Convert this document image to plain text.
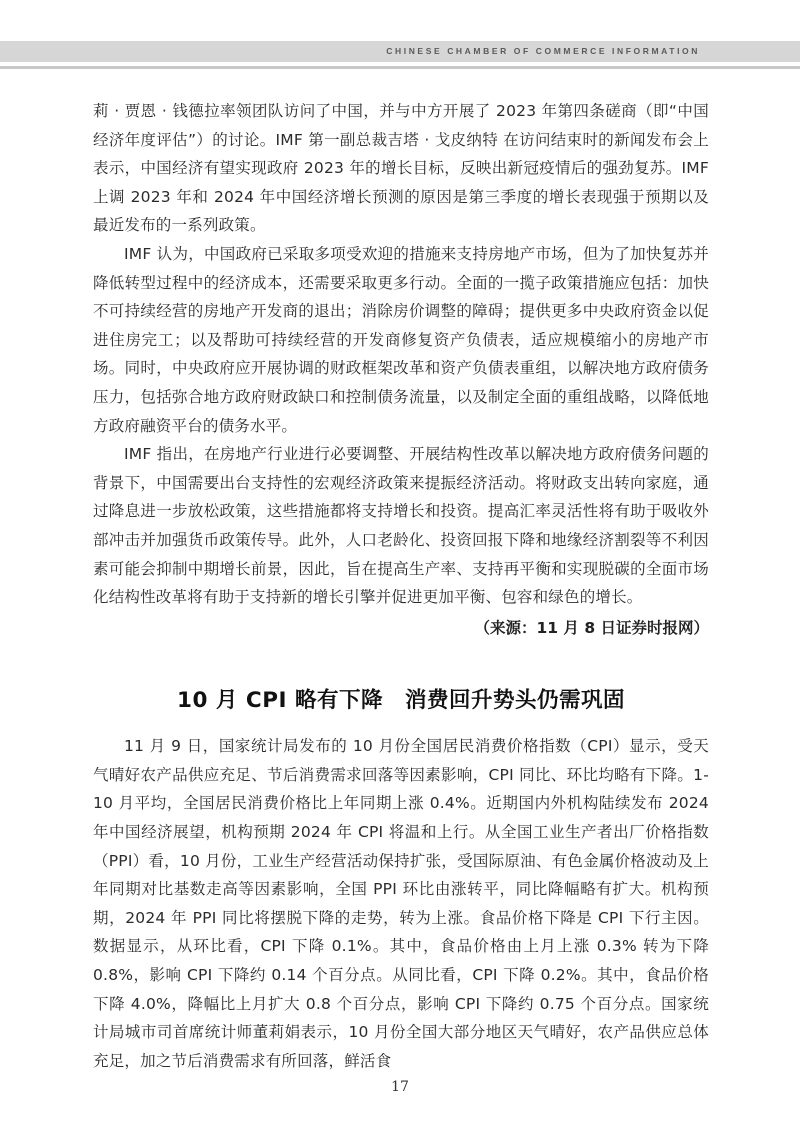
CHINESE CHAMBER OF COMMERCE INFORMATION

莉 · 贾恩 · 钱德拉率领团队访问了中国，并与中方开展了 2023 年第四条磋商（即“中国经济年度评估”）的讨论。IMF 第一副总裁吉塔 · 戈皮纳特 在访问结束时的新闻发布会上表示，中国经济有望实现政府 2023 年的增长目标，反映出新冠疫情后的强劲复苏。IMF 上调 2023 年和 2024 年中国经济增长预测的原因是第三季度的增长表现强于预期以及最近发布的一系列政策。

IMF 认为，中国政府已采取多项受欢迎的措施来支持房地产市场，但为了加快复苏并降低转型过程中的经济成本，还需要采取更多行动。全面的一揽子政策措施应包括：加快不可持续经营的房地产开发商的退出；消除房价调整的障碍；提供更多中央政府资金以促进住房完工；以及帮助可持续经营的开发商修复资产负债表，适应规模缩小的房地产市场。同时，中央政府应开展协调的财政框架改革和资产负债表重组，以解决地方政府债务压力，包括弥合地方政府财政缺口和控制债务流量，以及制定全面的重组战略，以降低地方政府融资平台的债务水平。

IMF 指出，在房地产行业进行必要调整、开展结构性改革以解决地方政府债务问题的背景下，中国需要出台支持性的宏观经济政策来提振经济活动。将财政支出转向家庭，通过降息进一步放松政策，这些措施都将支持增长和投资。提高汇率灵活性将有助于吸收外部冲击并加强货币政策传导。此外，人口老龄化、投资回报下降和地缘经济割裂等不利因素可能会抑制中期增长前景，因此，旨在提高生产率、支持再平衡和实现脱碳的全面市场化结构性改革将有助于支持新的增长引擎并促进更加平衡、包容和绿色的增长。

（来源：11 月 8 日证券时报网）

10 月 CPI 略有下降　消费回升势头仍需巩固

11 月 9 日，国家统计局发布的 10 月份全国居民消费价格指数（CPI）显示，受天气晴好农产品供应充足、节后消费需求回落等因素影响，CPI 同比、环比均略有下降。1-10 月平均，全国居民消费价格比上年同期上涨 0.4%。近期国内外机构陆续发布 2024 年中国经济展望，机构预期 2024 年 CPI 将温和上行。从全国工业生产者出厂价格指数（PPI）看，10 月份，工业生产经营活动保持扩张，受国际原油、有色金属价格波动及上年同期对比基数走高等因素影响，全国 PPI 环比由涨转平，同比降幅略有扩大。机构预期，2024 年 PPI 同比将摆脱下降的走势，转为上涨。食品价格下降是 CPI 下行主因。数据显示，从环比看，CPI 下降 0.1%。其中，食品价格由上月上涨 0.3% 转为下降 0.8%，影响 CPI 下降约 0.14 个百分点。从同比看，CPI 下降 0.2%。其中，食品价格下降 4.0%，降幅比上月扩大 0.8 个百分点，影响 CPI 下降约 0.75 个百分点。国家统计局城市司首席统计师董莉娟表示，10 月份全国大部分地区天气晴好，农产品供应总体充足，加之节后消费需求有所回落，鲜活食

17
